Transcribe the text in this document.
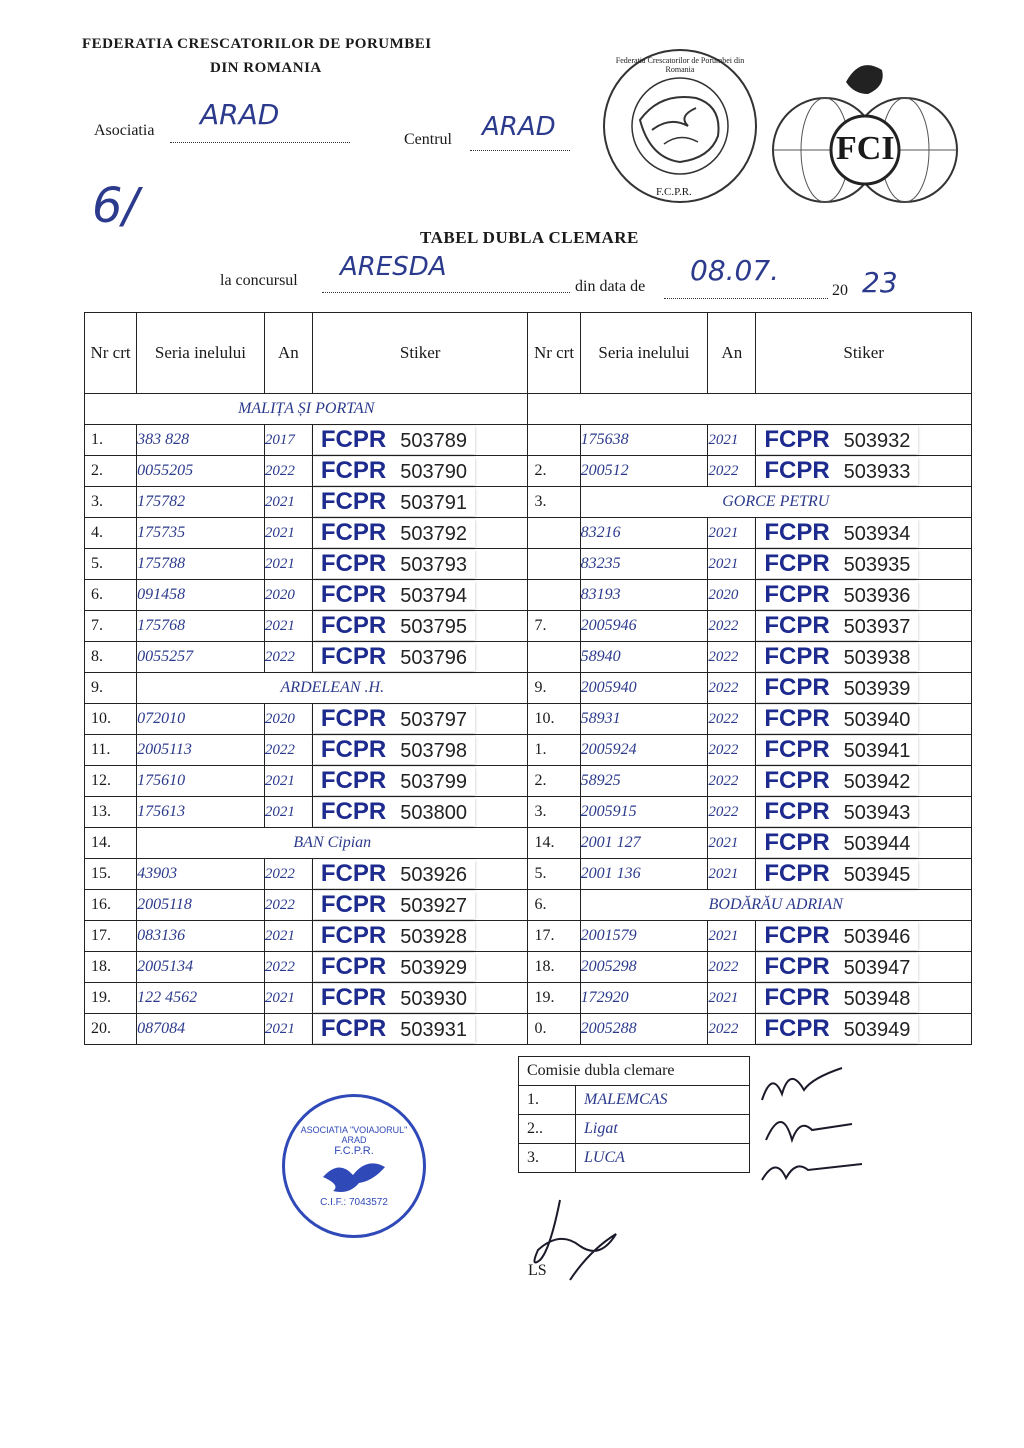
FEDERATIA CRESCATORILOR DE PORUMBEI
DIN ROMANIA
Asociatia ARAD
Centrul ARAD
6/
TABEL DUBLA CLEMARE
la concursul ARESDA
din data de 08.07.
20 23
F.C.P.R.
Federatia Crescatorilor de Porumbei din Romania
FCI
Nr crt	Seria inelului	An	Stiker	Nr crt	Seria inelului	An	Stiker
MALIȚA ȘI PORTAN							
1.	383 828	2017	FCPR 503789		175638	2021	FCPR 503932
2.	0055205	2022	FCPR 503790	2.	200512	2022	FCPR 503933
3.	175782	2021	FCPR 503791	3.	GORCE PETRU		
4.	175735	2021	FCPR 503792		83216	2021	FCPR 503934
5.	175788	2021	FCPR 503793		83235	2021	FCPR 503935
6.	091458	2020	FCPR 503794		83193	2020	FCPR 503936
7.	175768	2021	FCPR 503795	7.	2005946	2022	FCPR 503937
8.	0055257	2022	FCPR 503796		58940	2022	FCPR 503938
9.	ARDELEAN .H.			9.	2005940	2022	FCPR 503939
10.	072010	2020	FCPR 503797	10.	58931	2022	FCPR 503940
11.	2005113	2022	FCPR 503798	1.	2005924	2022	FCPR 503941
12.	175610	2021	FCPR 503799	2.	58925	2022	FCPR 503942
13.	175613	2021	FCPR 503800	3.	2005915	2022	FCPR 503943
14.	BAN Cipian			14.	2001 127	2021	FCPR 503944
15.	43903	2022	FCPR 503926	5.	2001 136	2021	FCPR 503945
16.	2005118	2022	FCPR 503927	6.	BODĂRĂU ADRIAN		
17.	083136	2021	FCPR 503928	17.	2001579	2021	FCPR 503946
18.	2005134	2022	FCPR 503929	18.	2005298	2022	FCPR 503947
19.	122 4562	2021	FCPR 503930	19.	172920	2021	FCPR 503948
20.	087084	2021	FCPR 503931	0.	2005288	2022	FCPR 503949
Comisie dubla clemare	
1.	MALEMCAS
2..	Ligat
3.	LUCA
ASOCIATIA "VOIAJORUL" ARAD
F.C.P.R.
C.I.F.: 7043572
LS
